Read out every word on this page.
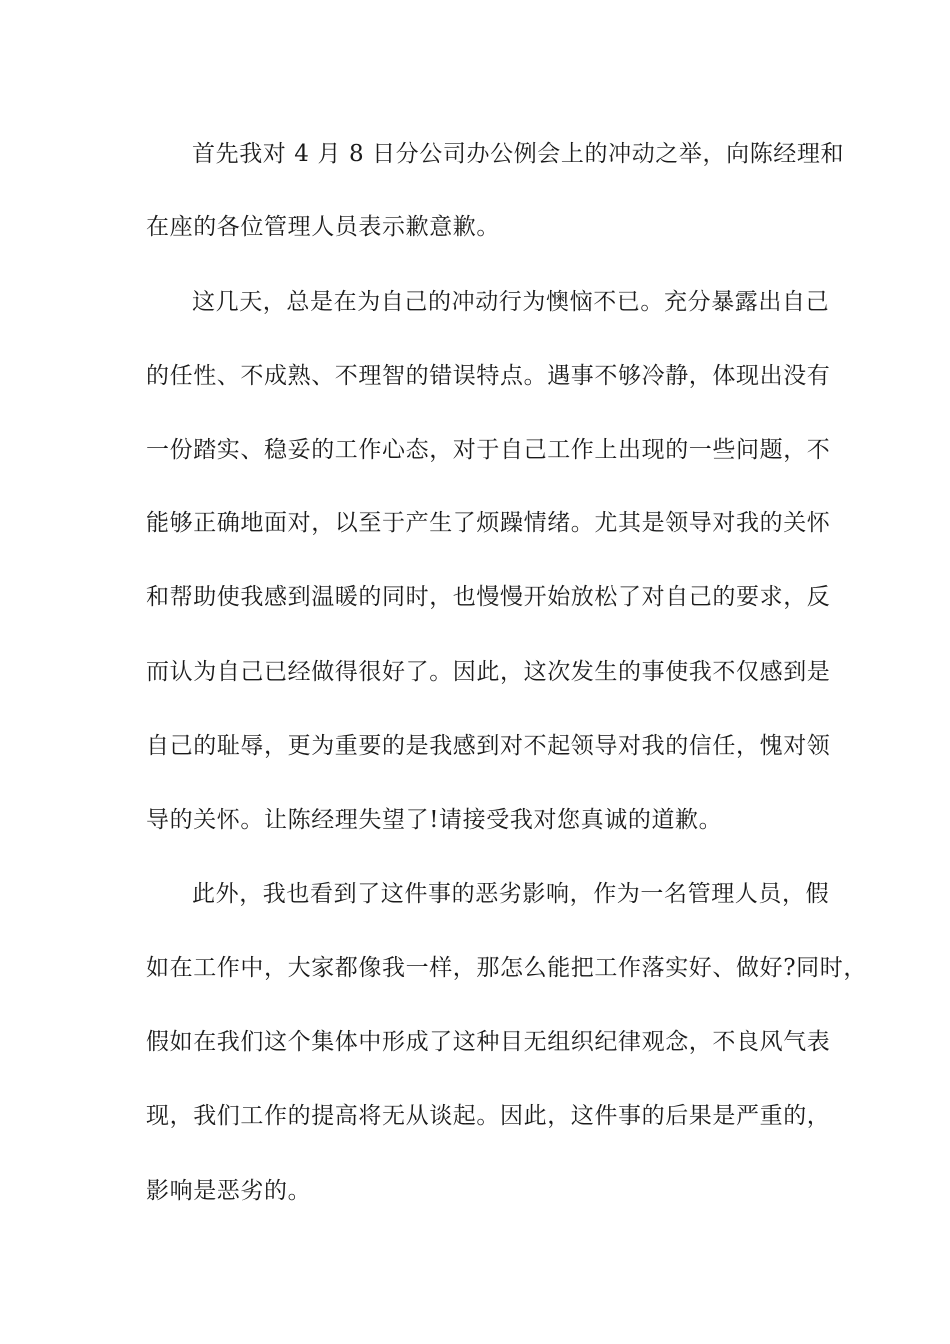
首先我对 4 月 8 日分公司办公例会上的冲动之举，向陈经理和
在座的各位管理人员表示歉意歉。
这几天，总是在为自己的冲动行为懊恼不已。充分暴露出自己
的任性、不成熟、不理智的错误特点。遇事不够冷静，体现出没有
一份踏实、稳妥的工作心态，对于自己工作上出现的一些问题，不
能够正确地面对，以至于产生了烦躁情绪。尤其是领导对我的关怀
和帮助使我感到温暖的同时，也慢慢开始放松了对自己的要求，反
而认为自己已经做得很好了。因此，这次发生的事使我不仅感到是
自己的耻辱，更为重要的是我感到对不起领导对我的信任，愧对领
导的关怀。让陈经理失望了!请接受我对您真诚的道歉。
此外，我也看到了这件事的恶劣影响，作为一名管理人员，假
如在工作中，大家都像我一样，那怎么能把工作落实好、做好?同时，
假如在我们这个集体中形成了这种目无组织纪律观念，不良风气表
现，我们工作的提高将无从谈起。因此，这件事的后果是严重的，
影响是恶劣的。
